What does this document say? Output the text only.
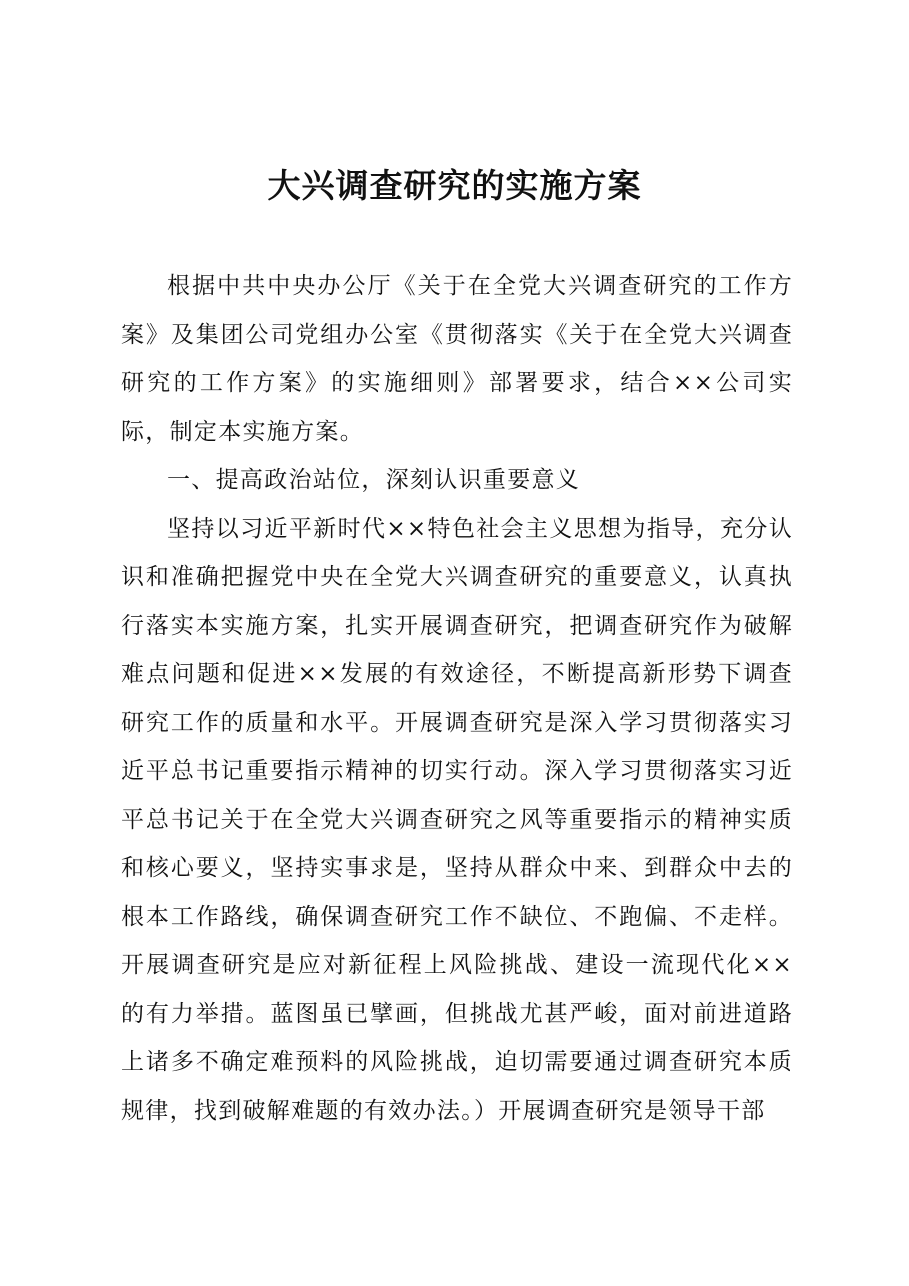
大兴调查研究的实施方案

根据中共中央办公厅《关于在全党大兴调查研究的工作方案》及集团公司党组办公室《贯彻落实《关于在全党大兴调查研究的工作方案》的实施细则》部署要求，结合××公司实际，制定本实施方案。

一、提高政治站位，深刻认识重要意义

坚持以习近平新时代××特色社会主义思想为指导，充分认识和准确把握党中央在全党大兴调查研究的重要意义，认真执行落实本实施方案，扎实开展调查研究，把调查研究作为破解难点问题和促进××发展的有效途径，不断提高新形势下调查研究工作的质量和水平。开展调查研究是深入学习贯彻落实习近平总书记重要指示精神的切实行动。深入学习贯彻落实习近平总书记关于在全党大兴调查研究之风等重要指示的精神实质和核心要义，坚持实事求是，坚持从群众中来、到群众中去的根本工作路线，确保调查研究工作不缺位、不跑偏、不走样。开展调查研究是应对新征程上风险挑战、建设一流现代化××的有力举措。蓝图虽已擘画，但挑战尤甚严峻，面对前进道路上诸多不确定难预料的风险挑战，迫切需要通过调查研究本质规律，找到破解难题的有效办法。）开展调查研究是领导干部
